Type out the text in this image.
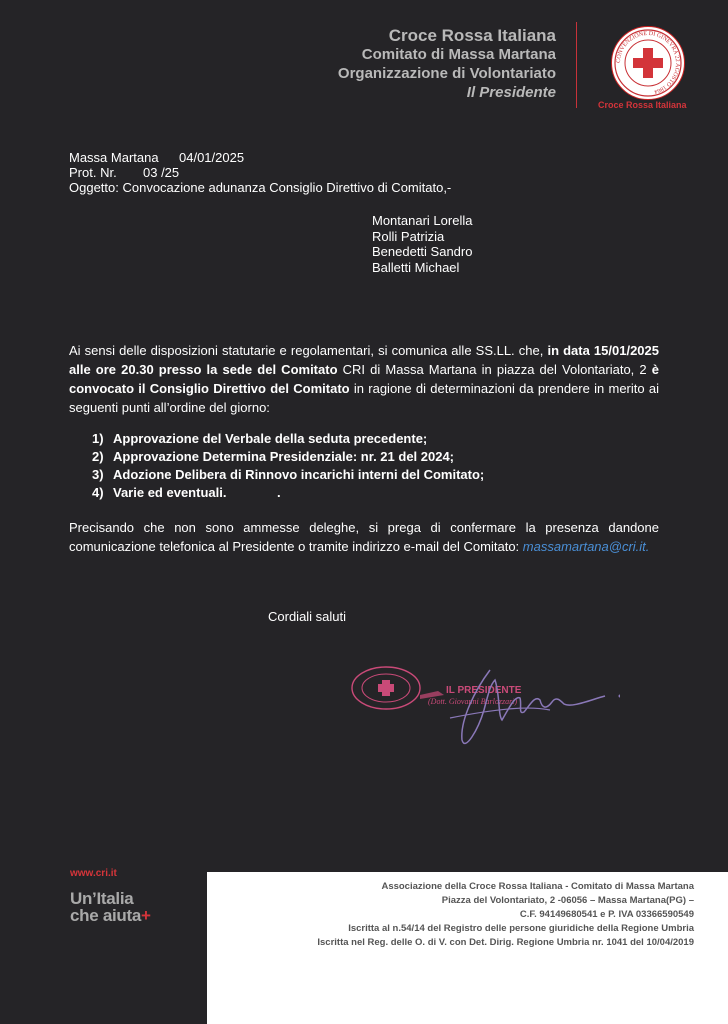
Croce Rossa Italiana
Comitato di Massa Martana
Organizzazione di Volontariato
Il Presidente
CONVENZIONE DI GINEVRA 22 AGOSTO 1864
Croce Rossa Italiana
Massa Martana 04/01/2025
Prot. Nr. 03 /25
Oggetto: Convocazione adunanza Consiglio Direttivo di Comitato,-
Montanari Lorella
Rolli Patrizia
Benedetti Sandro
Balletti Michael
Ai sensi delle disposizioni statutarie e regolamentari, si comunica alle SS.LL. che, in data 15/01/2025 alle ore 20.30 presso la sede del Comitato CRI di Massa Martana in piazza del Volontariato, 2 è convocato il Consiglio Direttivo del Comitato in ragione di determinazioni da prendere in merito ai seguenti punti all’ordine del giorno:
1) Approvazione del Verbale della seduta precedente;
2) Approvazione Determina Presidenziale: nr. 21 del 2024;
3) Adozione Delibera di Rinnovo incarichi interni del Comitato;
4) Varie ed eventuali.              .
Precisando che non sono ammesse deleghe, si prega di confermare la presenza dandone comunicazione telefonica al Presidente o tramite indirizzo e-mail del Comitato: massamartana@cri.it.
Cordiali saluti
IL PRESIDENTE
(Dott. Giovanni Barlozzari)
www.cri.it
Un’Italia
che aiuta+
Associazione della Croce Rossa Italiana - Comitato di Massa Martana
Piazza del Volontariato, 2 -06056 – Massa Martana(PG) –
C.F. 94149680541 e P. IVA 03366590549
Iscritta al n.54/14 del Registro delle persone giuridiche della Regione Umbria
Iscritta nel Reg. delle O. di V. con Det. Dirig. Regione Umbria nr. 1041 del 10/04/2019
